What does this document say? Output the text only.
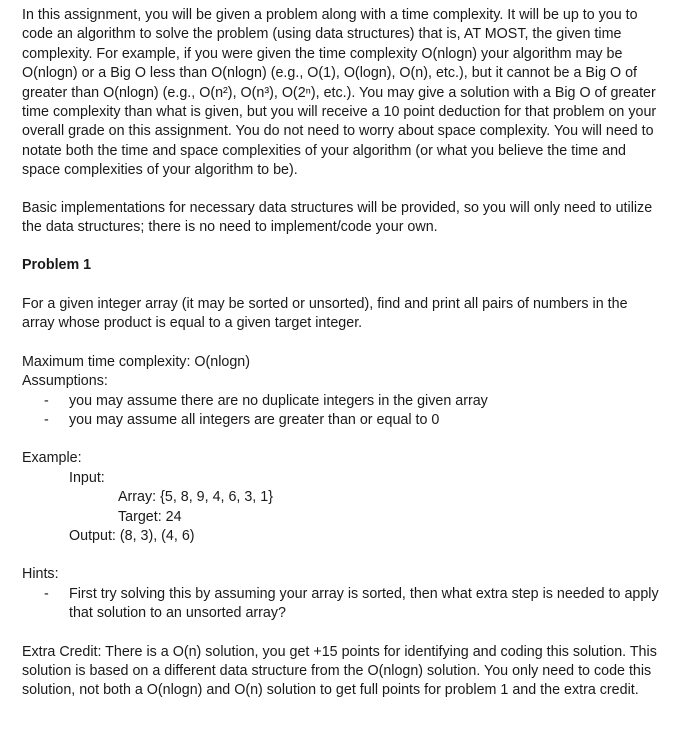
In this assignment, you will be given a problem along with a time complexity. It will be up to you to code an algorithm to solve the problem (using data structures) that is, AT MOST, the given time complexity. For example, if you were given the time complexity O(nlogn) your algorithm may be O(nlogn) or a Big O less than O(nlogn) (e.g., O(1), O(logn), O(n), etc.), but it cannot be a Big O of greater than O(nlogn) (e.g., O(n²), O(n³), O(2ⁿ), etc.). You may give a solution with a Big O of greater time complexity than what is given, but you will receive a 10 point deduction for that problem on your overall grade on this assignment. You do not need to worry about space complexity. You will need to notate both the time and space complexities of your algorithm (or what you believe the time and space complexities of your algorithm to be).

Basic implementations for necessary data structures will be provided, so you will only need to utilize the data structures; there is no need to implement/code your own.

Problem 1

For a given integer array (it may be sorted or unsorted), find and print all pairs of numbers in the array whose product is equal to a given target integer.

Maximum time complexity: O(nlogn)

Assumptions:

- you may assume there are no duplicate integers in the given array
- you may assume all integers are greater than or equal to 0

Example:

Input:

Array: {5, 8, 9, 4, 6, 3, 1}

Target: 24

Output: (8, 3), (4, 6)

Hints:

- First try solving this by assuming your array is sorted, then what extra step is needed to apply that solution to an unsorted array?

Extra Credit: There is a O(n) solution, you get +15 points for identifying and coding this solution. This solution is based on a different data structure from the O(nlogn) solution. You only need to code this solution, not both a O(nlogn) and O(n) solution to get full points for problem 1 and the extra credit.
